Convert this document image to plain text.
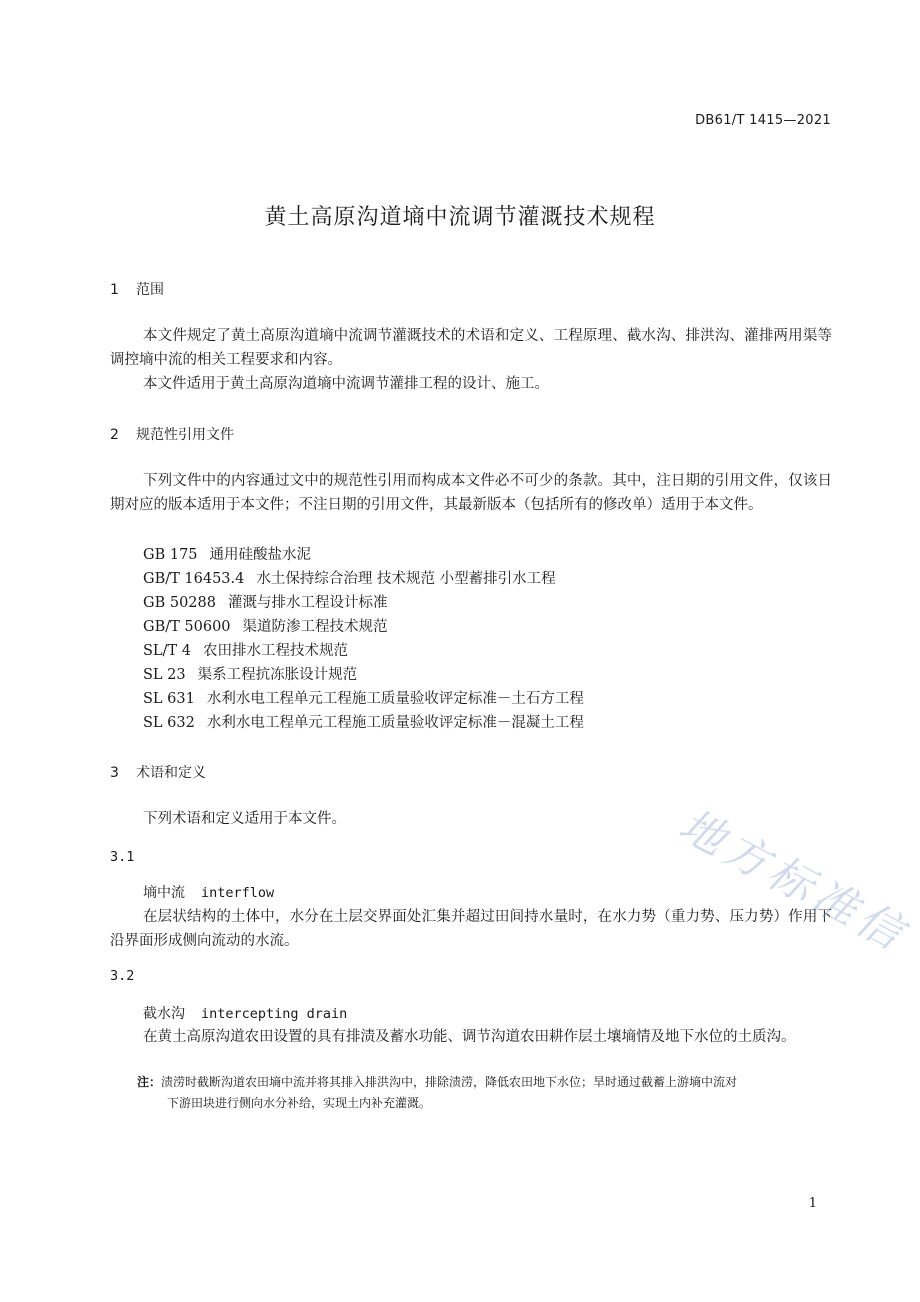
DB61/T 1415—2021
黄土高原沟道墒中流调节灌溉技术规程
1 范围
本文件规定了黄土高原沟道墒中流调节灌溉技术的术语和定义、工程原理、截水沟、排洪沟、灌排两用渠等调控墒中流的相关工程要求和内容。
本文件适用于黄土高原沟道墒中流调节灌排工程的设计、施工。
2 规范性引用文件
下列文件中的内容通过文中的规范性引用而构成本文件必不可少的条款。其中，注日期的引用文件，仅该日期对应的版本适用于本文件；不注日期的引用文件，其最新版本（包括所有的修改单）适用于本文件。
GB 175 通用硅酸盐水泥
GB/T 16453.4 水土保持综合治理 技术规范 小型蓄排引水工程
GB 50288 灌溉与排水工程设计标准
GB/T 50600 渠道防渗工程技术规范
SL/T 4 农田排水工程技术规范
SL 23 渠系工程抗冻胀设计规范
SL 631 水利水电工程单元工程施工质量验收评定标准－土石方工程
SL 632 水利水电工程单元工程施工质量验收评定标准－混凝土工程
3 术语和定义
下列术语和定义适用于本文件。
3.1
墒中流 interflow
在层状结构的土体中，水分在土层交界面处汇集并超过田间持水量时，在水力势（重力势、压力势）作用下沿界面形成侧向流动的水流。
3.2
截水沟 intercepting drain
在黄土高原沟道农田设置的具有排渍及蓄水功能、调节沟道农田耕作层土壤墒情及地下水位的土质沟。
注：渍涝时截断沟道农田墒中流并将其排入排洪沟中，排除渍涝，降低农田地下水位；旱时通过截蓄上游墒中流对
下游田块进行侧向水分补给，实现土内补充灌溉。
1
地方标准信
